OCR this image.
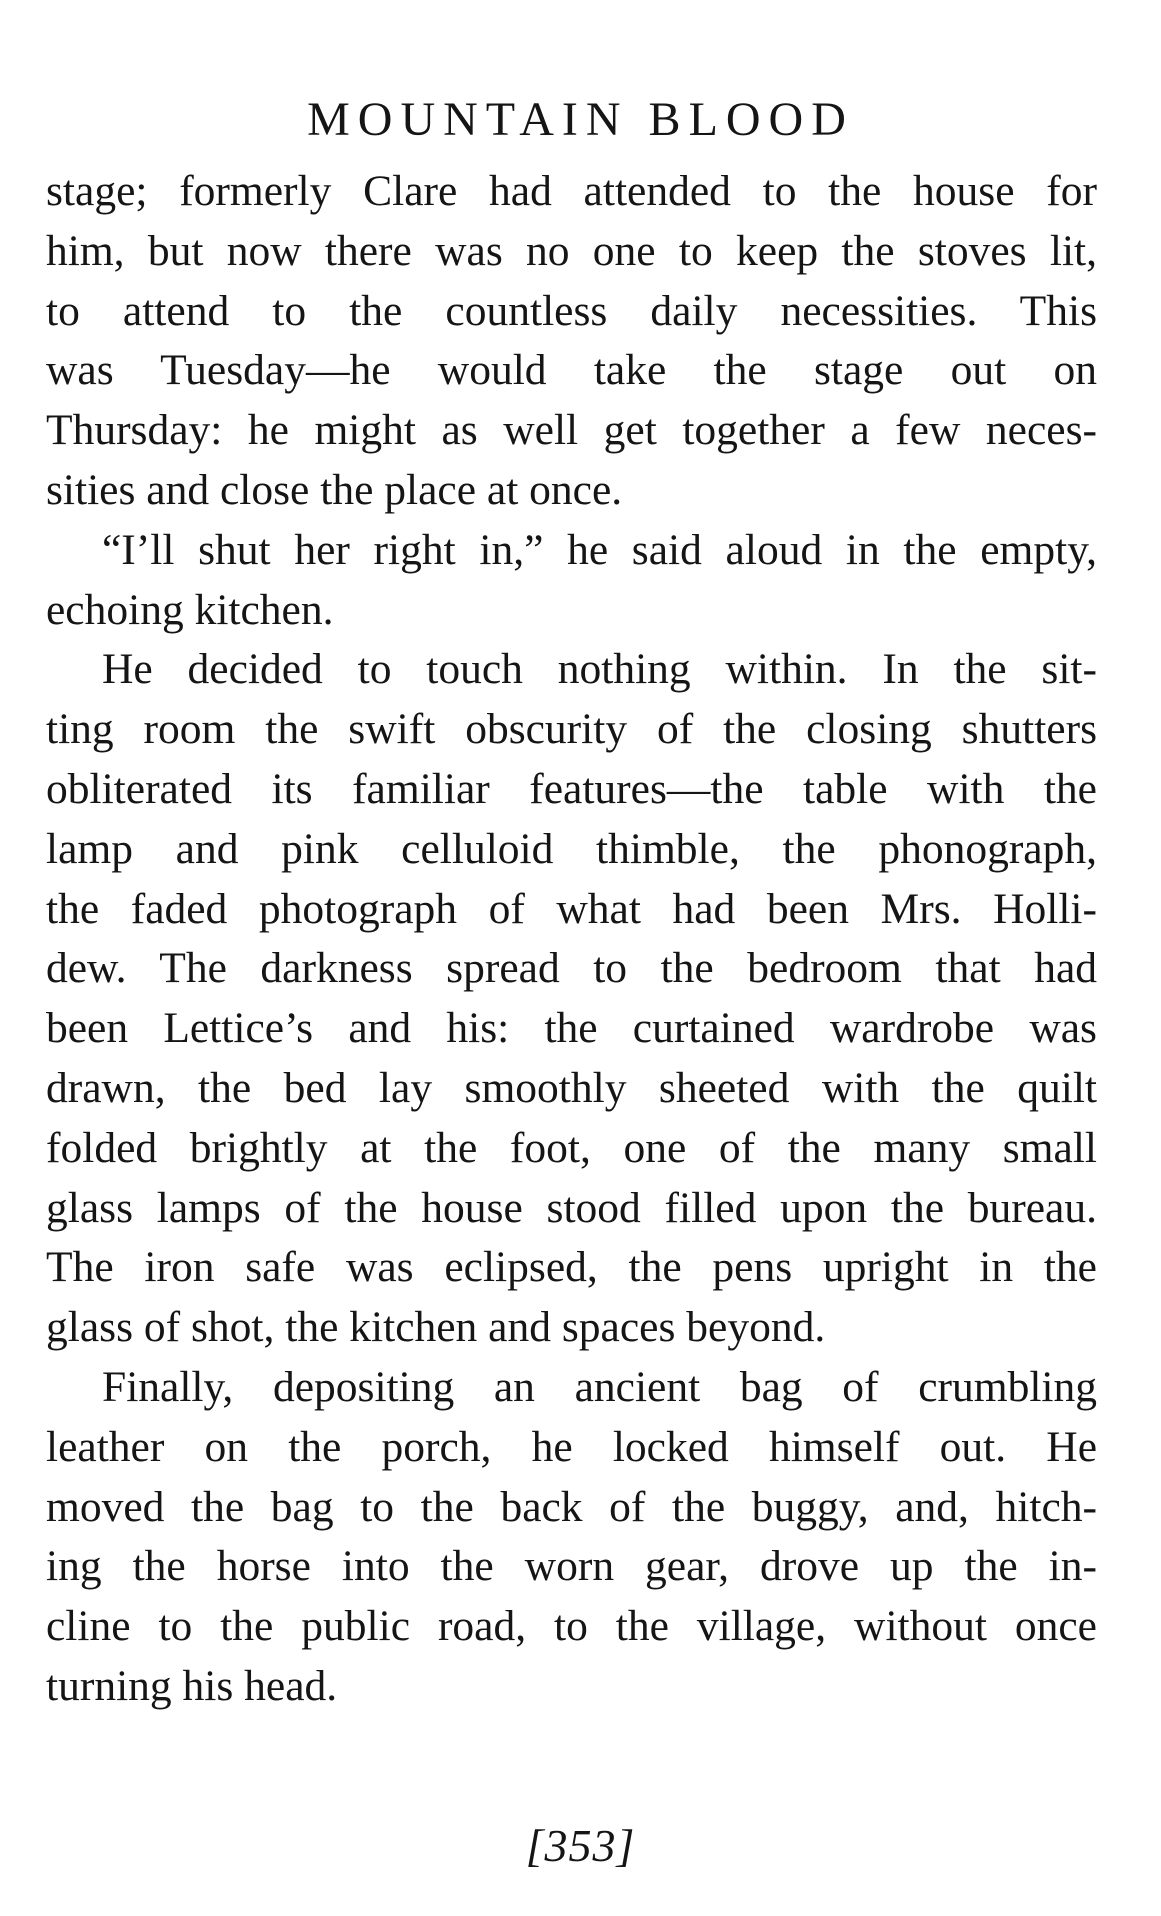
MOUNTAIN BLOOD
stage; formerly Clare had attended to the house for
him, but now there was no one to keep the stoves lit,
to attend to the countless daily necessities. This
was Tuesday—he would take the stage out on
Thursday: he might as well get together a few neces-
sities and close the place at once.
“I’ll shut her right in,” he said aloud in the empty,
echoing kitchen.
He decided to touch nothing within. In the sit-
ting room the swift obscurity of the closing shutters
obliterated its familiar features—the table with the
lamp and pink celluloid thimble, the phonograph,
the faded photograph of what had been Mrs. Holli-
dew. The darkness spread to the bedroom that had
been Lettice’s and his: the curtained wardrobe was
drawn, the bed lay smoothly sheeted with the quilt
folded brightly at the foot, one of the many small
glass lamps of the house stood filled upon the bureau.
The iron safe was eclipsed, the pens upright in the
glass of shot, the kitchen and spaces beyond.
Finally, depositing an ancient bag of crumbling
leather on the porch, he locked himself out. He
moved the bag to the back of the buggy, and, hitch-
ing the horse into the worn gear, drove up the in-
cline to the public road, to the village, without once
turning his head.
[353]
